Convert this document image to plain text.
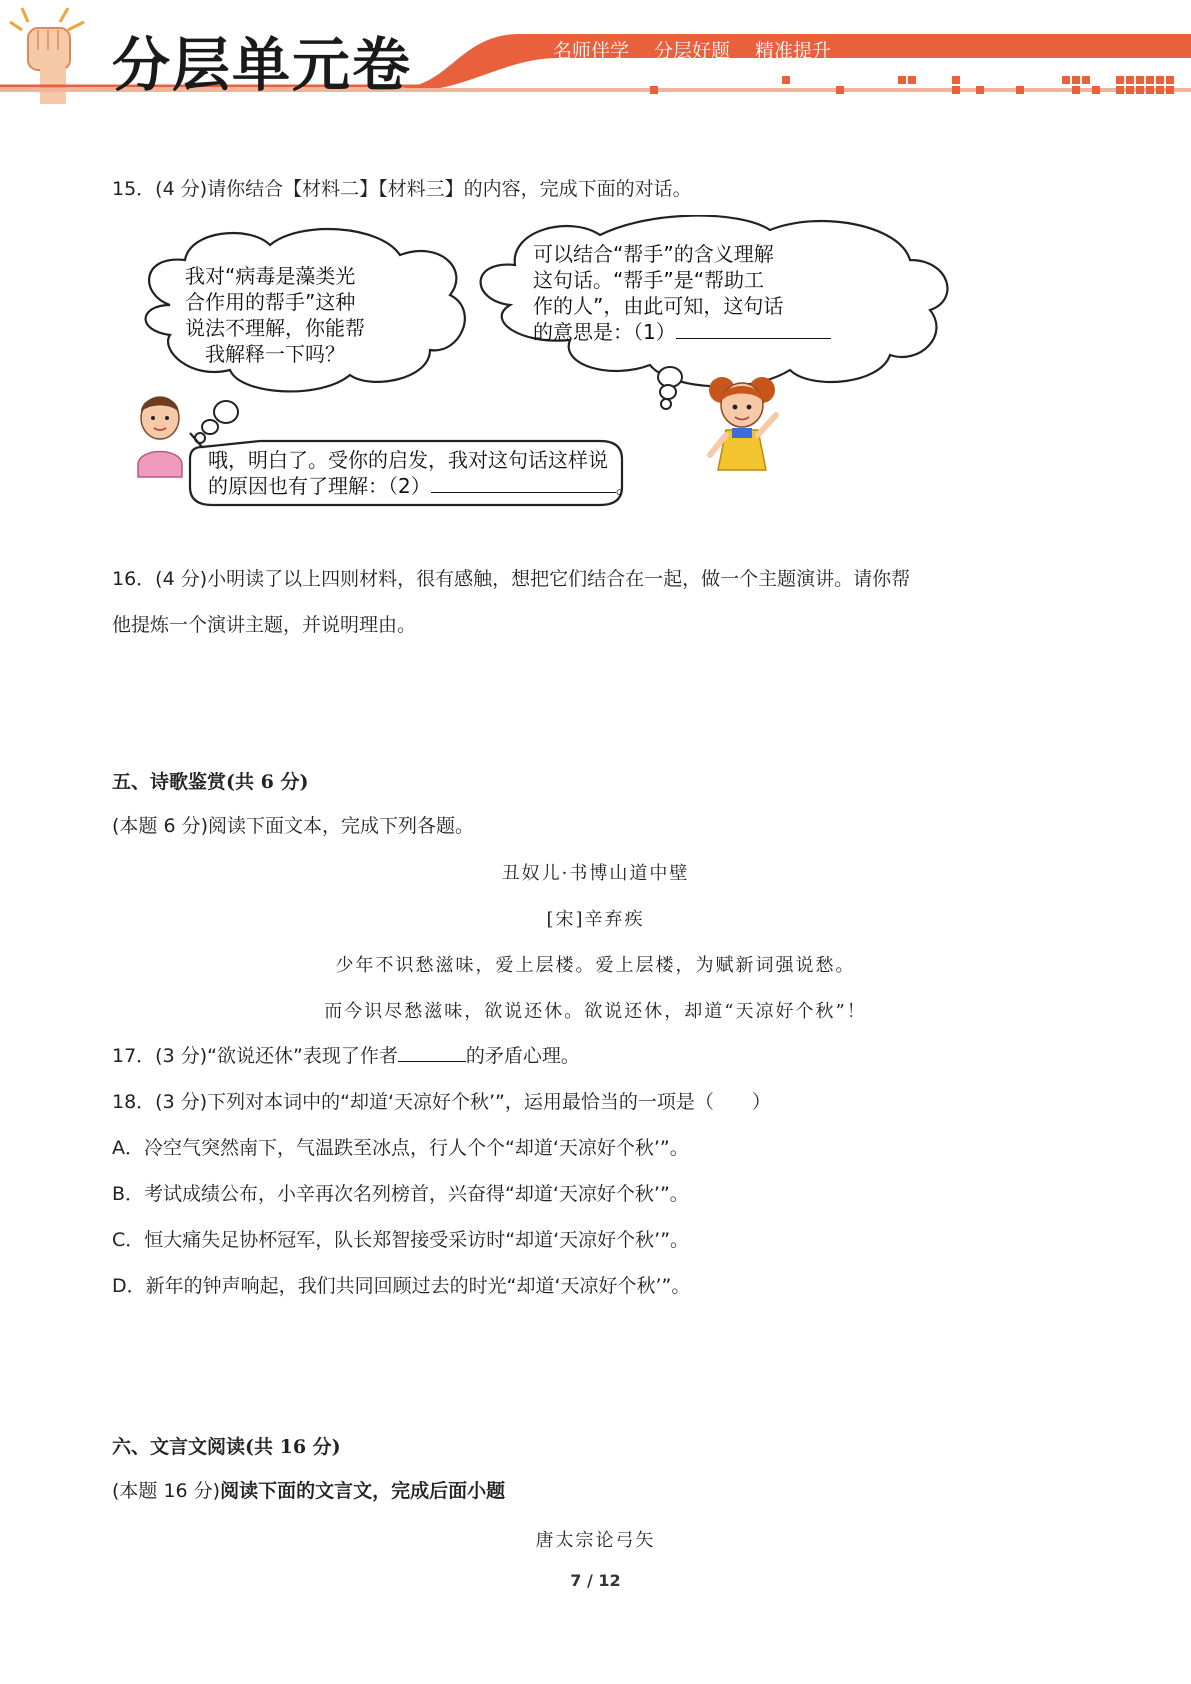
分层单元卷	名师伴学 分层好题 精准提升
15．(4 分)请你结合【材料二】【材料三】的内容，完成下面的对话。
我对“病毒是藻类光
合作用的帮手”这种
说法不理解，你能帮
我解释一下吗？
可以结合“帮手”的含义理解
这句话。“帮手”是“帮助工
作的人”，由此可知，这句话
的意思是：（1）
哦，明白了。受你的启发，我对这句话这样说
的原因也有了理解：（2）	。
16．(4 分)小明读了以上四则材料，很有感触，想把它们结合在一起，做一个主题演讲。请你帮
他提炼一个演讲主题，并说明理由。
五、诗歌鉴赏(共 6 分)
(本题 6 分)阅读下面文本，完成下列各题。
丑奴儿·书博山道中壁
[宋]辛弃疾
少年不识愁滋味，爱上层楼。爱上层楼，为赋新词强说愁。
而今识尽愁滋味，欲说还休。欲说还休，却道“天凉好个秋”！
17．(3 分)“欲说还休”表现了作者	的矛盾心理。
18．(3 分)下列对本词中的“却道‘天凉好个秋’”，运用最恰当的一项是（　　）
A．冷空气突然南下，气温跌至冰点，行人个个“却道‘天凉好个秋’”。
B．考试成绩公布，小辛再次名列榜首，兴奋得“却道‘天凉好个秋’”。
C．恒大痛失足协杯冠军，队长郑智接受采访时“却道‘天凉好个秋’”。
D．新年的钟声响起，我们共同回顾过去的时光“却道‘天凉好个秋’”。
六、文言文阅读(共 16 分)
(本题 16 分)阅读下面的文言文，完成后面小题
唐太宗论弓矢
7 / 12
